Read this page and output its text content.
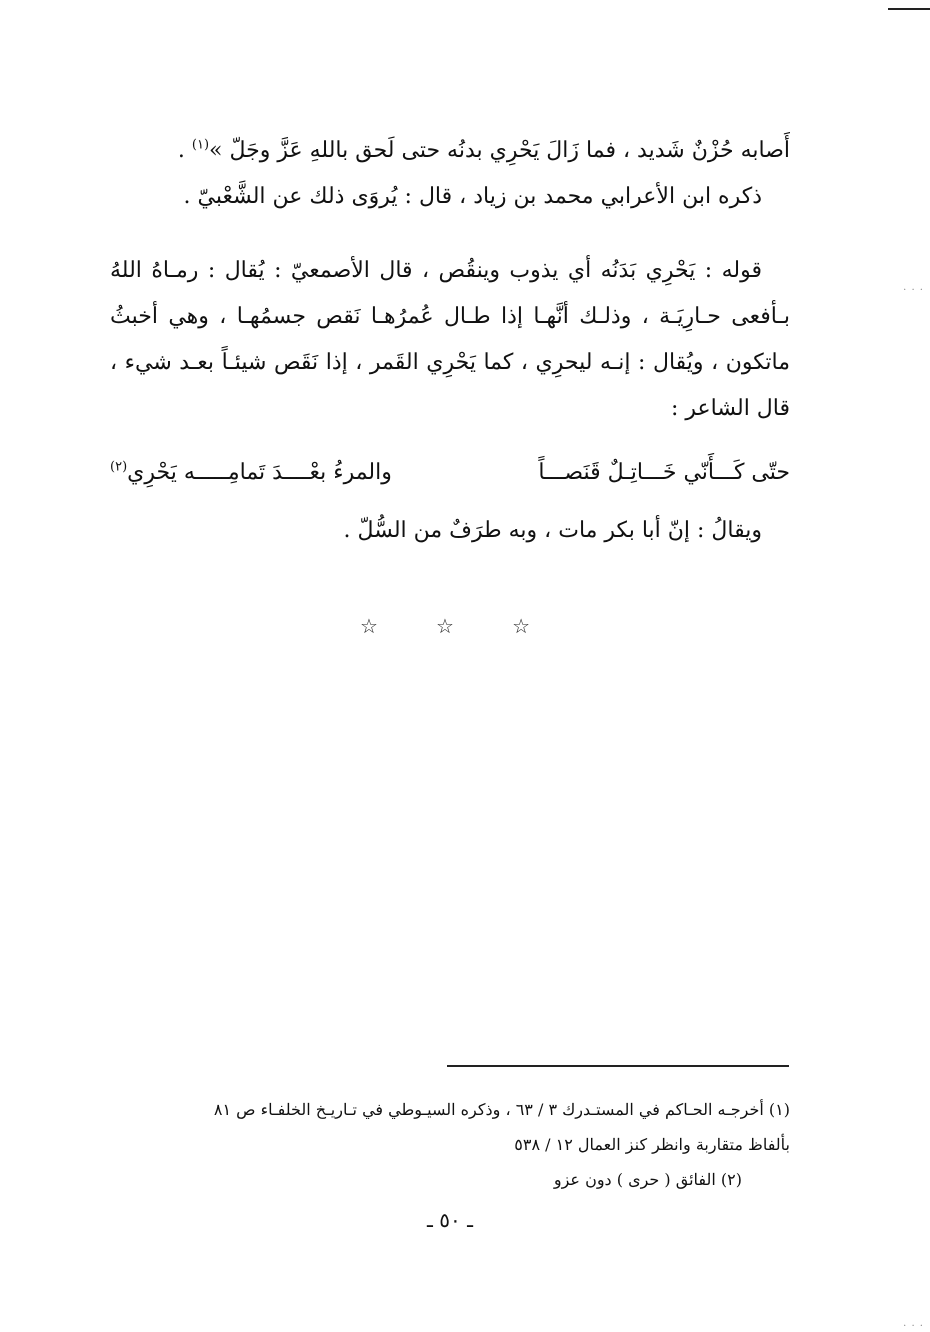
. . .
. . .
أَصابه حُزْنٌ شَديد ، فما زَالَ يَحْرِي بدنُه حتى لَحق باللهِ عَزَّ وجَلّ »$^{(١)}$ .
ذكره ابن الأعرابي محمد بن زياد ، قال : يُروَى ذلك عن الشَّعْبيّ .
قوله : يَحْرِي بَدَنُه أي يذوب وينقُص ، قال الأصمعيّ : يُقال : رمـاهُ اللهُ
بـأفعى حـارِيَـة ، وذلـك أنَّهـا إذا طـال عُمرُهـا نَقص جسمُهـا ، وهي أخبثُ
ماتكون ، ويُقال : إنـه ليحرِي ، كما يَحْرِي القَمر ، إذا نَقَص شيئـاً بعـد شيء ،
قال الشاعر :
حتّى كَـــأَنّي خَـــاتِـلٌ قَنَصـــاً
والمرءُ بعْــــدَ تَمامِـــــه يَحْرِي$^{(٢)}$
ويقالُ : إنّ أبا بكر مات ، وبه طرَفٌ من السُّلّ .
☆	☆	☆
(١) أخرجـه الحـاكم في المستـدرك ٣ / ٦٣ ، وذكره السيـوطي في تـاريـخ الخلفـاء ص ٨١
بألفاظ متقاربة وانظر كنز العمال ١٢ / ٥٣٨
(٢) الفائق ( حرى ) دون عزو
ـ ٥٠ ـ
